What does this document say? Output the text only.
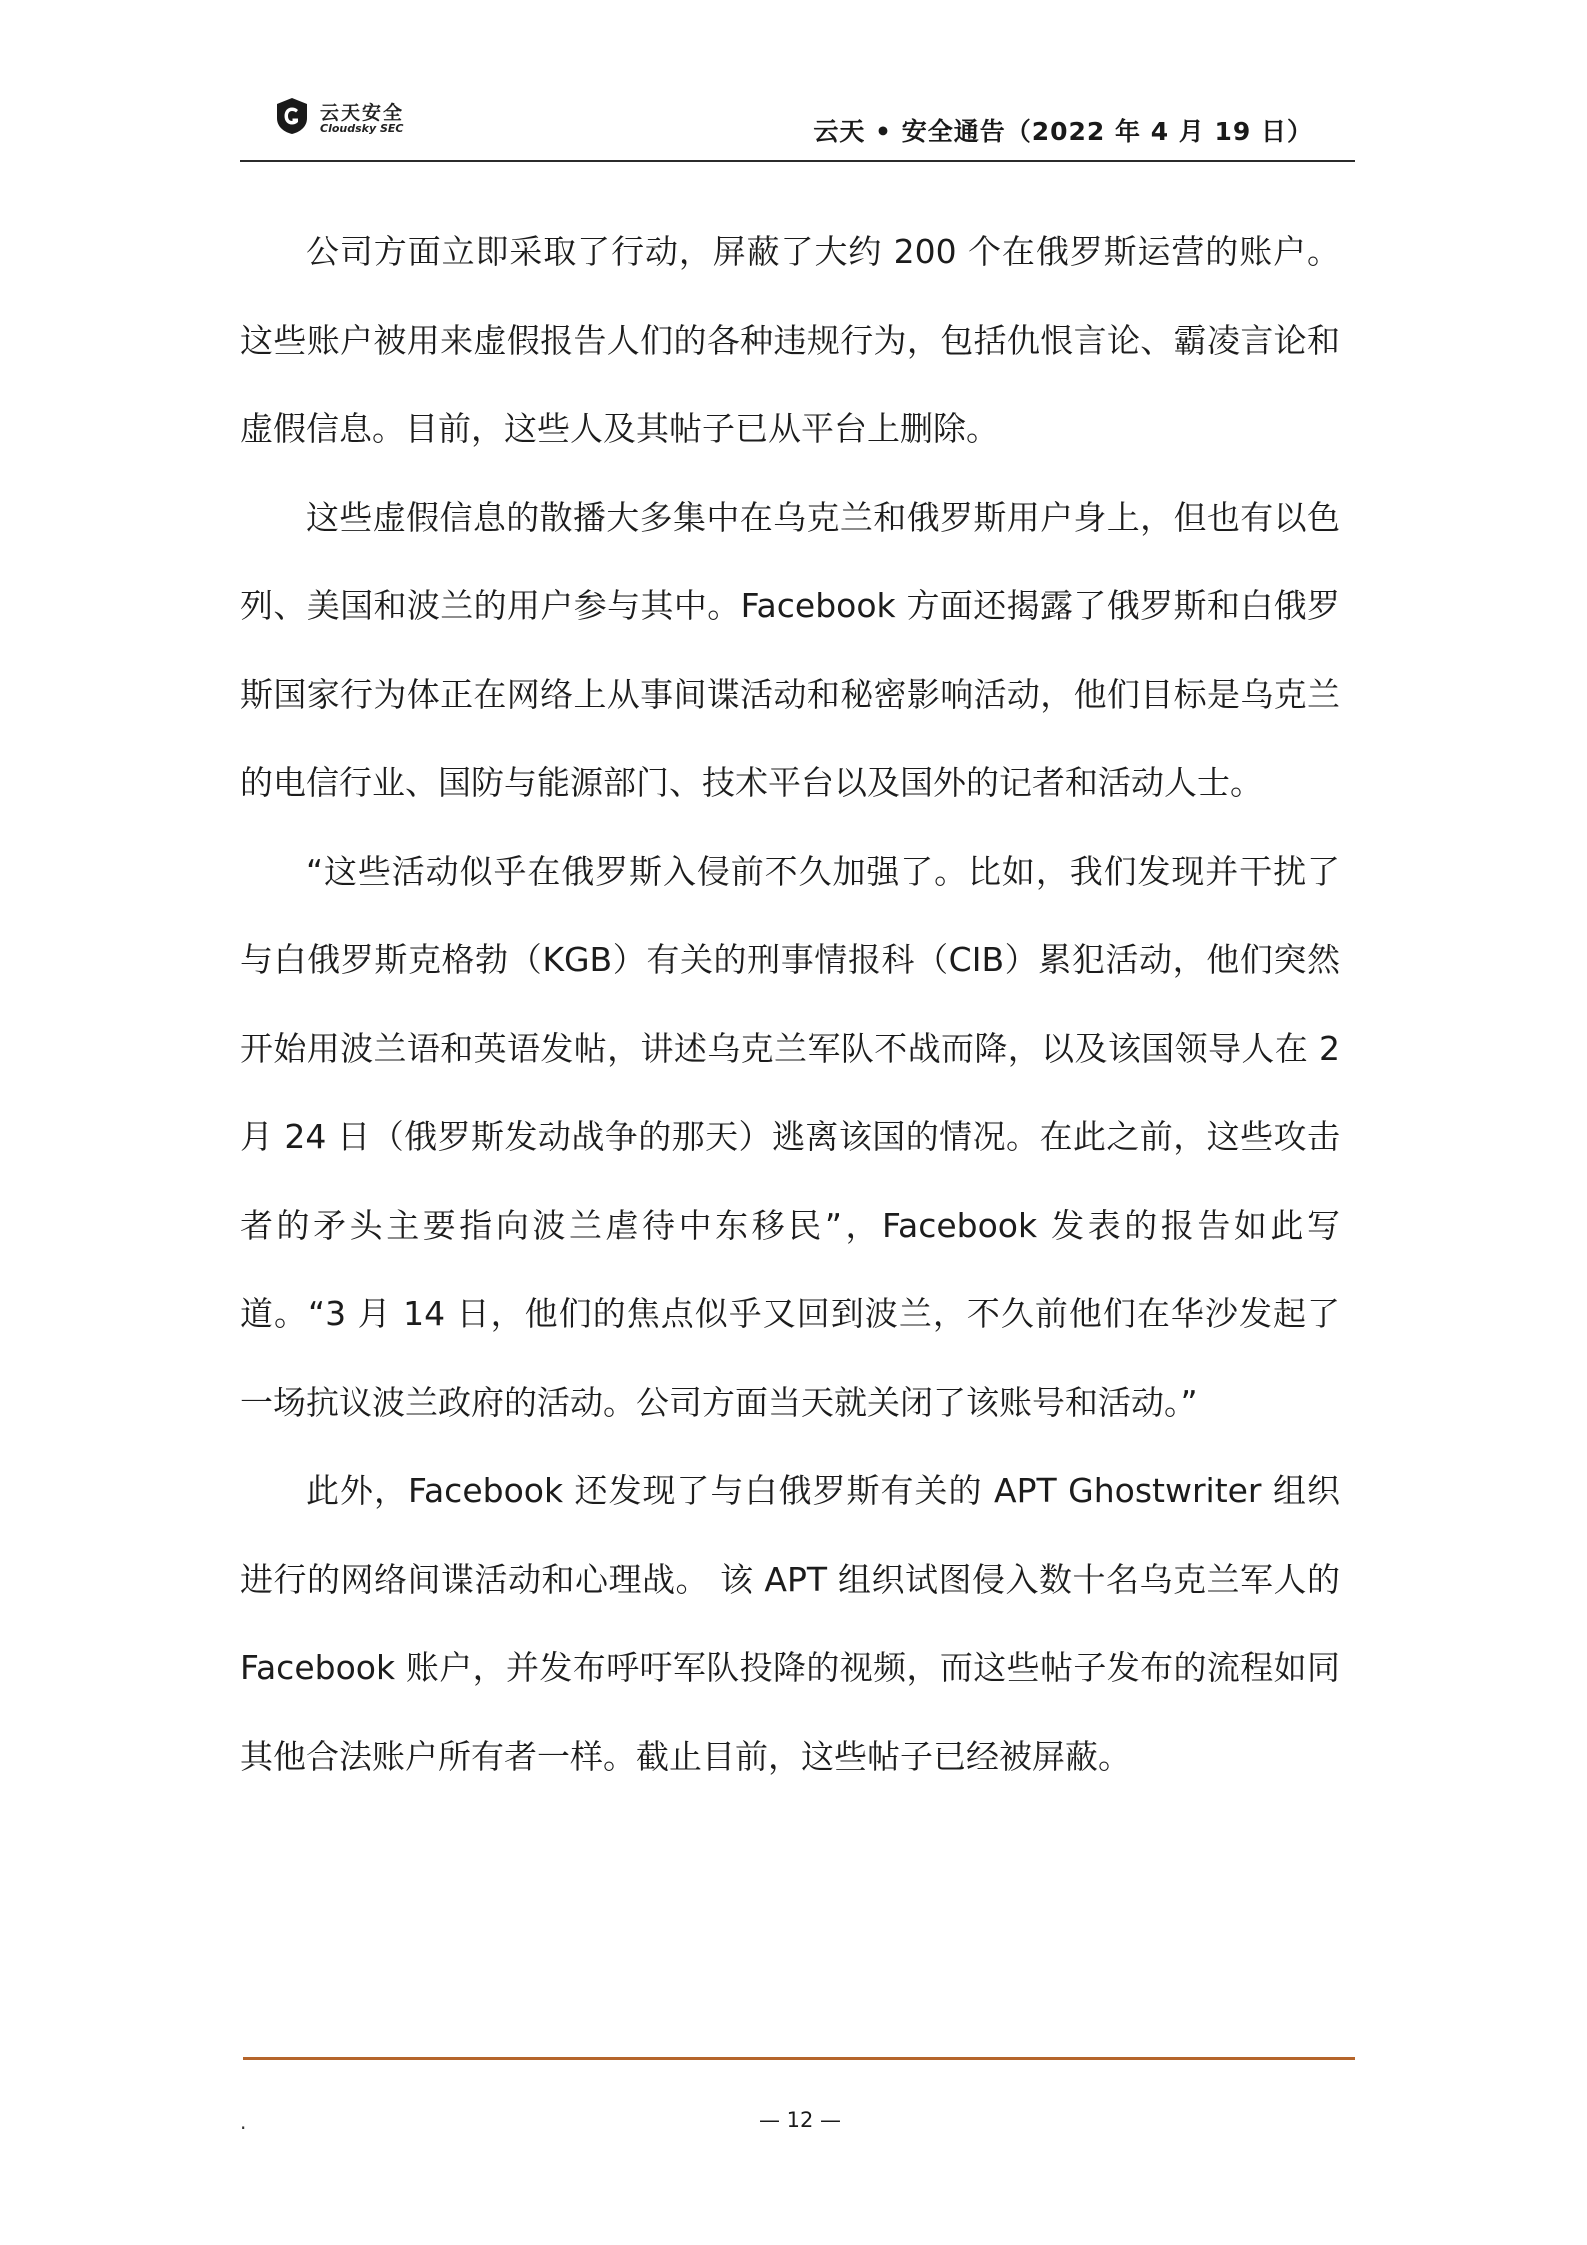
云天安全
Cloudsky SEC	云天 • 安全通告（2022 年 4 月 19 日）

公司方面立即采取了行动，屏蔽了大约 200 个在俄罗斯运营的账户。这些账户被用来虚假报告人们的各种违规行为，包括仇恨言论、霸凌言论和虚假信息。目前，这些人及其帖子已从平台上删除。

这些虚假信息的散播大多集中在乌克兰和俄罗斯用户身上，但也有以色列、美国和波兰的用户参与其中。Facebook 方面还揭露了俄罗斯和白俄罗斯国家行为体正在网络上从事间谍活动和秘密影响活动，他们目标是乌克兰的电信行业、国防与能源部门、技术平台以及国外的记者和活动人士。

“这些活动似乎在俄罗斯入侵前不久加强了。比如，我们发现并干扰了与白俄罗斯克格勃（KGB）有关的刑事情报科（CIB）累犯活动，他们突然开始用波兰语和英语发帖，讲述乌克兰军队不战而降，以及该国领导人在 2 月 24 日（俄罗斯发动战争的那天）逃离该国的情况。在此之前，这些攻击者的矛头主要指向波兰虐待中东移民”，Facebook 发表的报告如此写道。“3 月 14 日，他们的焦点似乎又回到波兰，不久前他们在华沙发起了一场抗议波兰政府的活动。公司方面当天就关闭了该账号和活动。”

此外，Facebook 还发现了与白俄罗斯有关的 APT Ghostwriter 组织进行的网络间谍活动和心理战。 该 APT 组织试图侵入数十名乌克兰军人的 Facebook 账户，并发布呼吁军队投降的视频，而这些帖子发布的流程如同其他合法账户所有者一样。截止目前，这些帖子已经被屏蔽。

.	— 12 —
